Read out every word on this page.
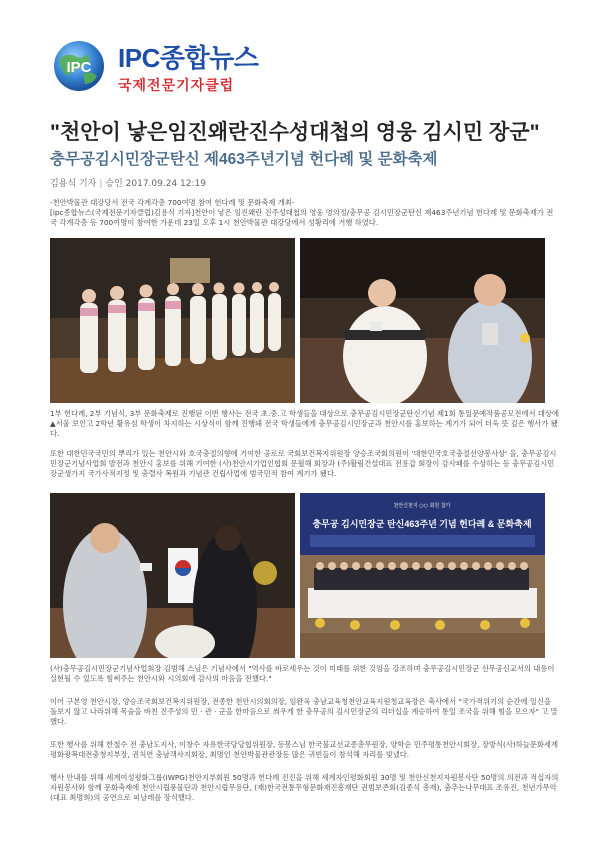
IPC IPC종합뉴스
국제전문기자클럽
"천안이 낳은임진왜란진수성대첩의 영웅 김시민 장군"
충무공김시민장군탄신 제463주년기념 헌다례 및 문화축제
김용식 기자 | 승인 2017.09.24 12:19

-천안박물관 대강당서 전국 각계각층 700여명 참여 헌다례 및 문화축제 개최-

[ipc종합뉴스(국제전문기자클럽)김용식 기자]천안이 낳은 임진왜란 진주성대첩의 영웅 영의정/충무공 김시민장군탄신 제463주년기념 헌다례 및 문화축제가 전국 각계각층 등 700여명이 참여한 가운데 23일 오후 1시 천안박물관 대강당에서 성황리에 거행 하였다.

1부 헌다례, 2부 기념식, 3부 문화축제로 진행된 이번 행사는 전국 초.중.고 학생들을 대상으로 충무공김시민장군탄신기념 제1회 통일문예작품공모전에서 대상에 ▲서울 보인고 2학년 황유섬 학생이 차지하는 시상식이 함께 진행돼 전국 학생들에게 충무공김시민장군과 천안시를 홍보하는 계기가 되어 더욱 뜻 깊은 행사가 됐다.

또한 대한민국국민의 뿌리가 있는 천안시와 호국충절의향에 기여한 공로로 국회보건복지위원장 양승조국회의원이 '대한민국호국충절선양봉사상' 을, 충무공김시민장군기념사업회 발전과 천안시 홍보를 위해 기여한 (사)천안시기업인협회 문월해 회장과 (주)활림건설대표 전용갑 회장이 감사패를 수상하는 등 충무공김시민장군생가지 국가사적지정 및 충렬사 복원과 기념관 건립사업에 범국민적 참여 계기가 됐다.

천안신천지 ○○ 회원 참가
충무공 김시민장군 탄신463주년 기념 헌다례 & 문화축제

(사)충무공김시민장군기념사업회장 김범해 스님은 기념사에서 "역사를 바로세우는 것이 미래를 위한 것임을 강조하며 충무공김시민장군 선무공신교서의 내용이 실현될 수 있도록 힘써주는 천안시와 시의회에 감사의 마음을 전했다."

이어 구본영 천안시장, 양승조국회보건복지위원장, 전종한 천안시의회의장, 임완욱 충남교육청천안교육지원청교육장은 축사에서 "국가적위기의 순간에 일신을 돌보지 않고 나라위해 목숨을 바친 진주성의 민 · 관 · 군을 한마음으로 씌우게 한 충무공의 김시민장군의 리더십을 계승하여 통일 조국을 위해 힘을 모으자" 고 말했다.

또한 행사를 위해 한철수 전 충남도지사, 이창수 자유한국당당협위원장, 동봉스님 한국불교선교종총무원장, 양학순 민주평통천안시회장, 장방식(사)하늘문화세계평화광복대전충청지부장, 권처연 충남객사지회장, 최명인 천안박물관관장등 많은 귀빈들이 참석해 자리를 빛냈다.

행사 안내를 위해 세계여성평화그룹(IWPG)천안지부회원 50명과 헌다례 진진을 위해 세계자인평화회원 30명 및 천안신천지자원봉사단 50명의 의전과 적십자의 자원봉사와 함께 문화축제에 천안시립풍물단과 천안시립무용단, (재)한국전통무형문화재진흥재단 권범보존회(김종석 총재), 춤추는나무대표 조유진, 천년가무악(대표 최명희)의 공연으로 피날레를 장식했다.
